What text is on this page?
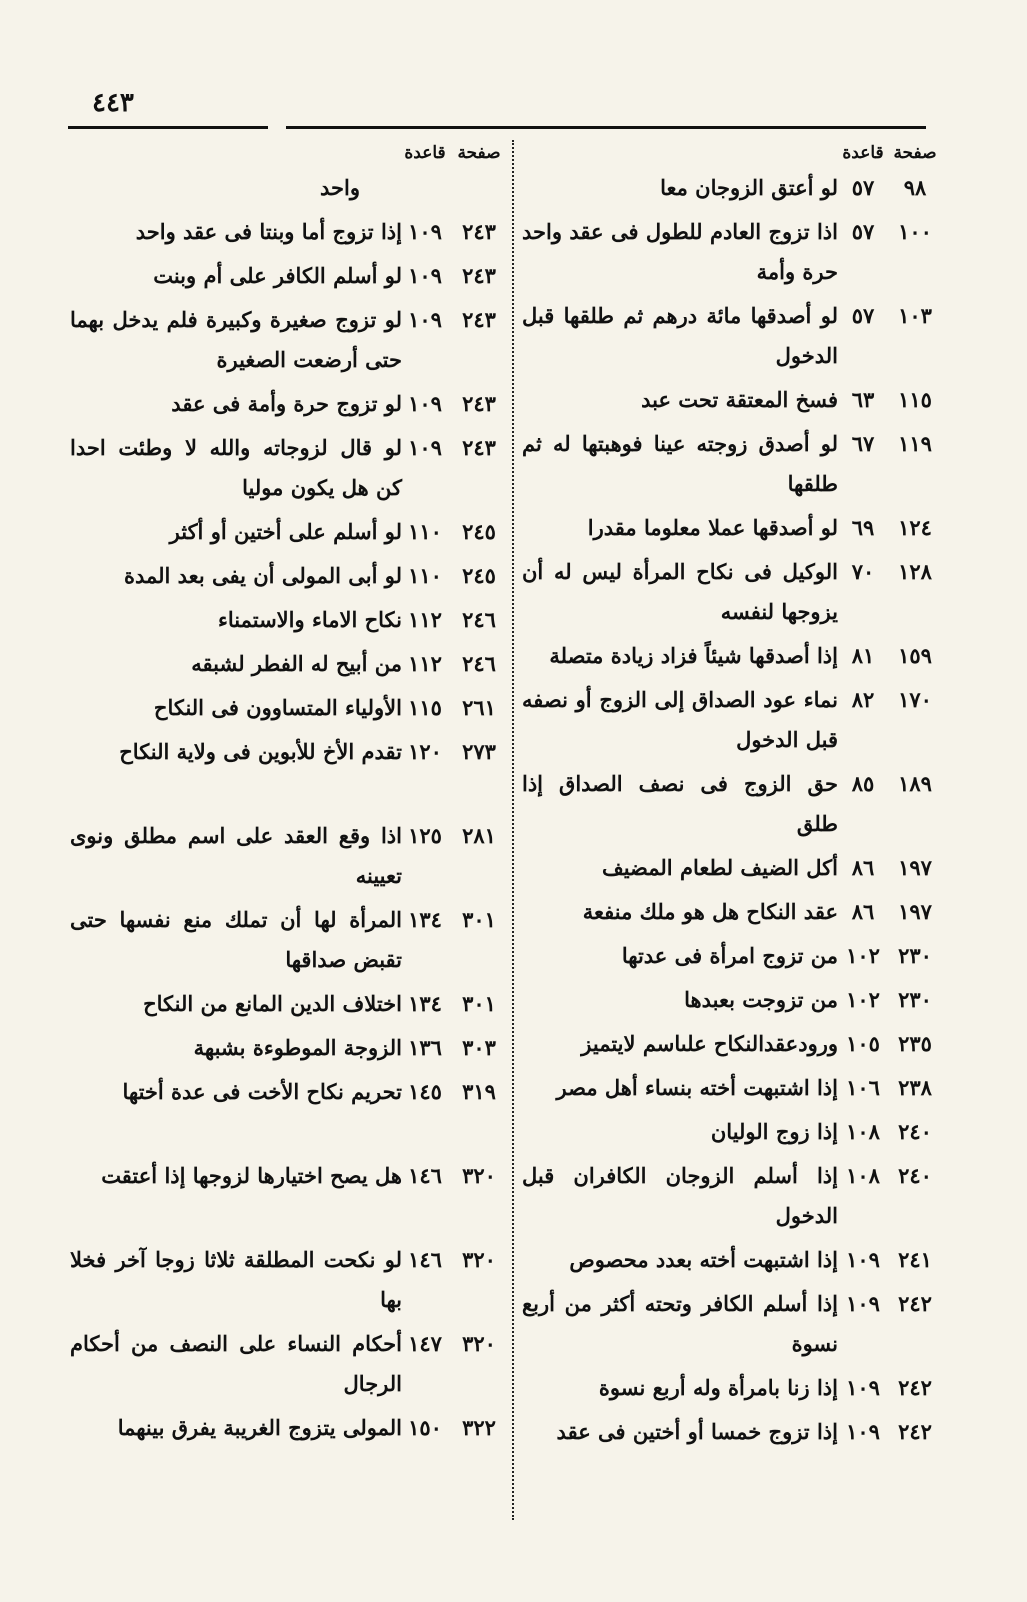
٤٤٣
صفحة
قاعدة
٩٨
٥٧
لو أعتق الزوجان معا
١٠٠
٥٧
اذا تزوج العادم للطول فى عقد واحد حرة وأمة
١٠٣
٥٧
لو أصدقها مائة درهم ثم طلقها قبل الدخول
١١٥
٦٣
فسخ المعتقة تحت عبد
١١٩
٦٧
لو أصدق زوجته عينا فوهبتها له ثم طلقها
١٢٤
٦٩
لو أصدقها عملا معلوما مقدرا
١٢٨
٧٠
الوكيل فى نكاح المرأة ليس له أن يزوجها لنفسه
١٥٩
٨١
إذا أصدقها شيئاً فزاد زيادة متصلة
١٧٠
٨٢
نماء عود الصداق إلى الزوج أو نصفه قبل الدخول
١٨٩
٨٥
حق الزوج فى نصف الصداق إذا طلق
١٩٧
٨٦
أكل الضيف لطعام المضيف
١٩٧
٨٦
عقد النكاح هل هو ملك منفعة
٢٣٠
١٠٢
من تزوج امرأة فى عدتها
٢٣٠
١٠٢
من تزوجت بعبدها
٢٣٥
١٠٥
ورودعقدالنكاح علىاسم لايتميز
٢٣٨
١٠٦
إذا اشتبهت أخته بنساء أهل مصر
٢٤٠
١٠٨
إذا زوج الوليان
٢٤٠
١٠٨
إذا أسلم الزوجان الكافران قبل الدخول
٢٤١
١٠٩
إذا اشتبهت أخته بعدد محصوص
٢٤٢
١٠٩
إذا أسلم الكافر وتحته أكثر من أربع نسوة
٢٤٢
١٠٩
إذا زنا بامرأة وله أربع نسوة
٢٤٢
١٠٩
إذا تزوج خمسا أو أختين فى عقد
صفحة
قاعدة
واحد
٢٤٣
١٠٩
إذا تزوج أما وبنتا فى عقد واحد
٢٤٣
١٠٩
لو أسلم الكافر على أم وبنت
٢٤٣
١٠٩
لو تزوج صغيرة وكبيرة فلم يدخل بهما حتى أرضعت الصغيرة
٢٤٣
١٠٩
لو تزوج حرة وأمة فى عقد
٢٤٣
١٠٩
لو قال لزوجاته والله لا وطئت احدا كن هل يكون موليا
٢٤٥
١١٠
لو أسلم على أختين أو أكثر
٢٤٥
١١٠
لو أبى المولى أن يفى بعد المدة
٢٤٦
١١٢
نكاح الاماء والاستمناء
٢٤٦
١١٢
من أبيح له الفطر لشبقه
٢٦١
١١٥
الأولياء المتساوون فى النكاح
٢٧٣
١٢٠
تقدم الأخ للأبوين فى ولاية النكاح
٢٨١
١٢٥
اذا وقع العقد على اسم مطلق ونوى تعيينه
٣٠١
١٣٤
المرأة لها أن تملك منع نفسها حتى تقبض صداقها
٣٠١
١٣٤
اختلاف الدين المانع من النكاح
٣٠٣
١٣٦
الزوجة الموطوءة بشبهة
٣١٩
١٤٥
تحريم نكاح الأخت فى عدة أختها
٣٢٠
١٤٦
هل يصح اختيارها لزوجها إذا أعتقت
٣٢٠
١٤٦
لو نكحت المطلقة ثلاثا زوجا آخر فخلا بها
٣٢٠
١٤٧
أحكام النساء على النصف من أحكام الرجال
٣٢٢
١٥٠
المولى يتزوج الغريبة يفرق بينهما
